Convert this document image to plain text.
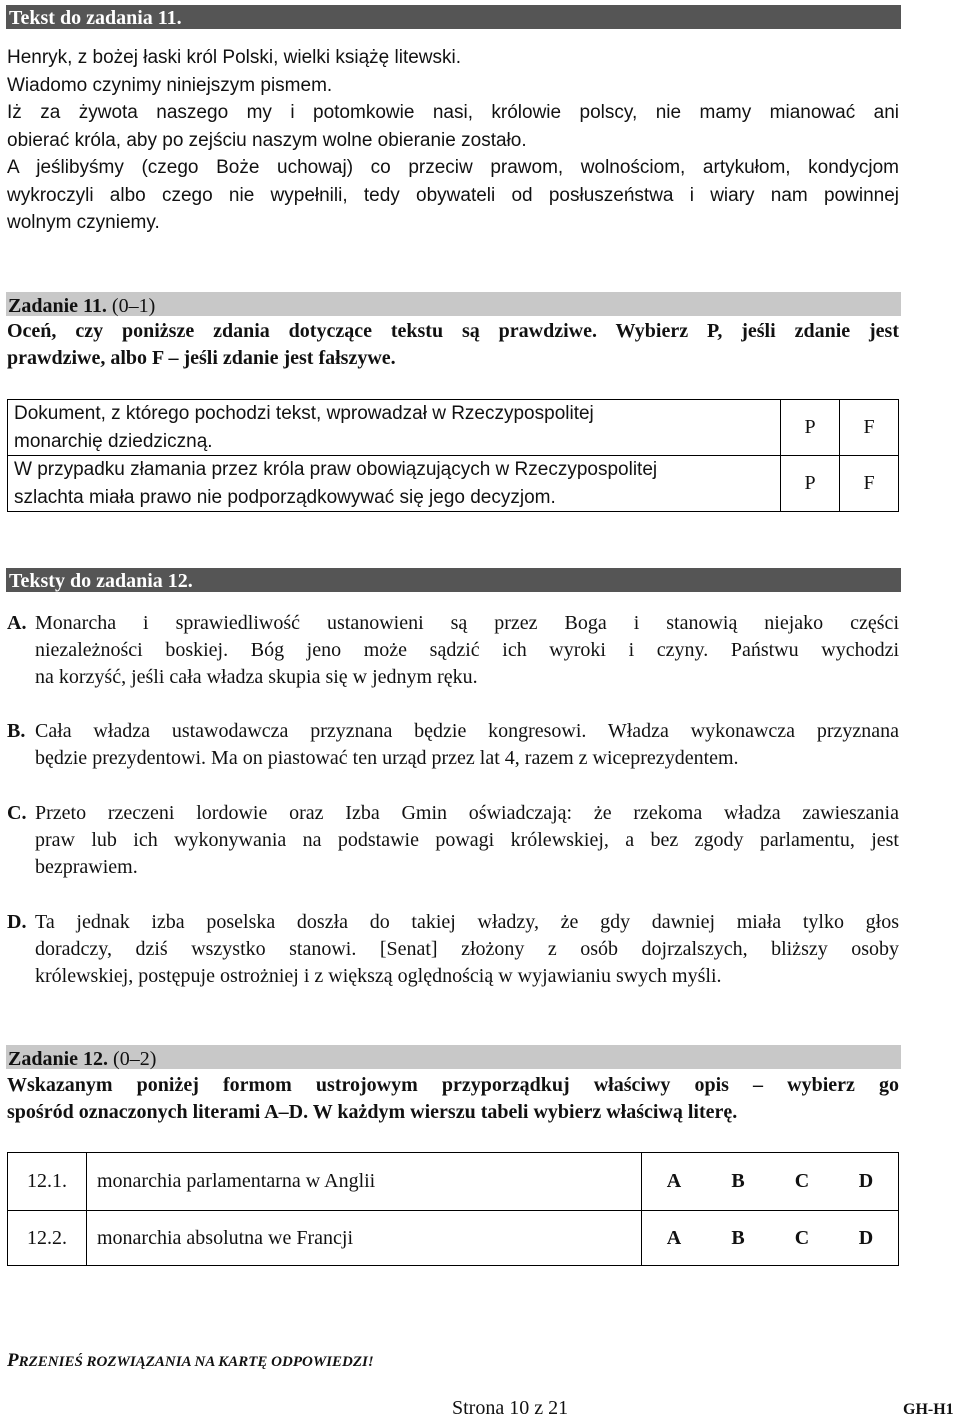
Tekst do zadania 11.
Henryk, z bożej łaski król Polski, wielki książę litewski.
Wiadomo czynimy niniejszym pismem.
Iż za żywota naszego my i potomkowie nasi, królowie polscy, nie mamy mianować ani
obierać króla, aby po zejściu naszym wolne obieranie zostało.
A jeślibyśmy (czego Boże uchowaj) co przeciw prawom, wolnościom, artykułom, kondycjom
wykroczyli albo czego nie wypełnili, tedy obywateli od posłuszeństwa i wiary nam powinnej
wolnym czyniemy.
Zadanie 11. (0–1)
Oceń, czy poniższe zdania dotyczące tekstu są prawdziwe. Wybierz P, jeśli zdanie jest
prawdziwe, albo F – jeśli zdanie jest fałszywe.
Dokument, z którego pochodzi tekst, wprowadzał w Rzeczypospolitej
monarchię dziedziczną.	P	F

W przypadku złamania przez króla praw obowiązujących w Rzeczypospolitej
szlachta miała prawo nie podporządkowywać się jego decyzjom.	P	F
Teksty do zadania 12.
A. Monarcha i sprawiedliwość ustanowieni są przez Boga i stanowią niejako części
niezależności boskiej. Bóg jeno może sądzić ich wyroki i czyny. Państwu wychodzi
na korzyść, jeśli cała władza skupia się w jednym ręku.
B. Cała władza ustawodawcza przyznana będzie kongresowi. Władza wykonawcza przyznana
będzie prezydentowi. Ma on piastować ten urząd przez lat 4, razem z wiceprezydentem.
C. Przeto rzeczeni lordowie oraz Izba Gmin oświadczają: że rzekoma władza zawieszania
praw lub ich wykonywania na podstawie powagi królewskiej, a bez zgody parlamentu, jest
bezprawiem.
D. Ta jednak izba poselska doszła do takiej władzy, że gdy dawniej miała tylko głos
doradczy, dziś wszystko stanowi. [Senat] złożony z osób dojrzalszych, bliższy osoby
królewskiej, postępuje ostrożniej i z większą oględnością w wyjawianiu swych myśli.
Zadanie 12. (0–2)
Wskazanym poniżej formom ustrojowym przyporządkuj właściwy opis – wybierz go
spośród oznaczonych literami A–D. W każdym wierszu tabeli wybierz właściwą literę.
12.1.	monarchia parlamentarna w Anglii	A	B	C	D
12.2.	monarchia absolutna we Francji	A	B	C	D
PRZENIEŚ ROZWIĄZANIA NA KARTĘ ODPOWIEDZI!
Strona 10 z 21	GH-H1
